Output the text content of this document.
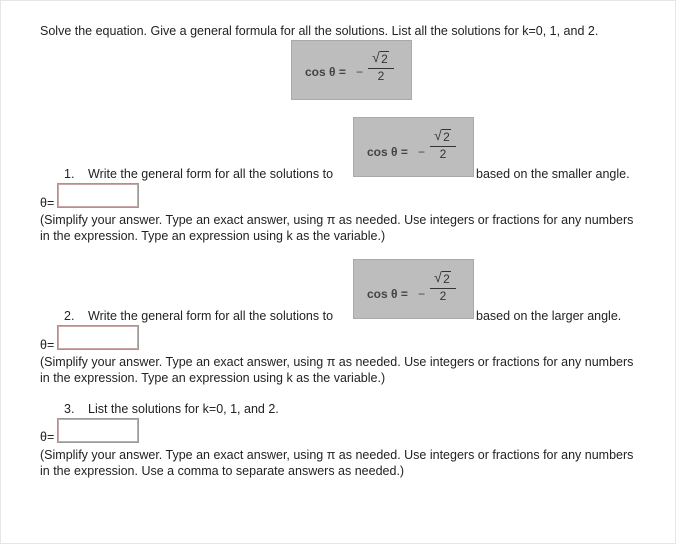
Solve the equation. Give a general formula for all the solutions. List all the solutions for k=0, 1, and 2.
cos θ = −
√ 2
2
cos θ = −
√ 2
2
1. Write the general form for all the solutions to	based on the smaller angle.
θ=
(Simplify your answer. Type an exact answer, using π as needed. Use integers or fractions for any numbers in the expression. Type an expression using k as the variable.)
cos θ = −
√ 2
2
2. Write the general form for all the solutions to	based on the larger angle.
θ=
(Simplify your answer. Type an exact answer, using π as needed. Use integers or fractions for any numbers in the expression. Type an expression using k as the variable.)
3. List the solutions for k=0, 1, and 2.
θ=
(Simplify your answer. Type an exact answer, using π as needed. Use integers or fractions for any numbers in the expression. Use a comma to separate answers as needed.)
